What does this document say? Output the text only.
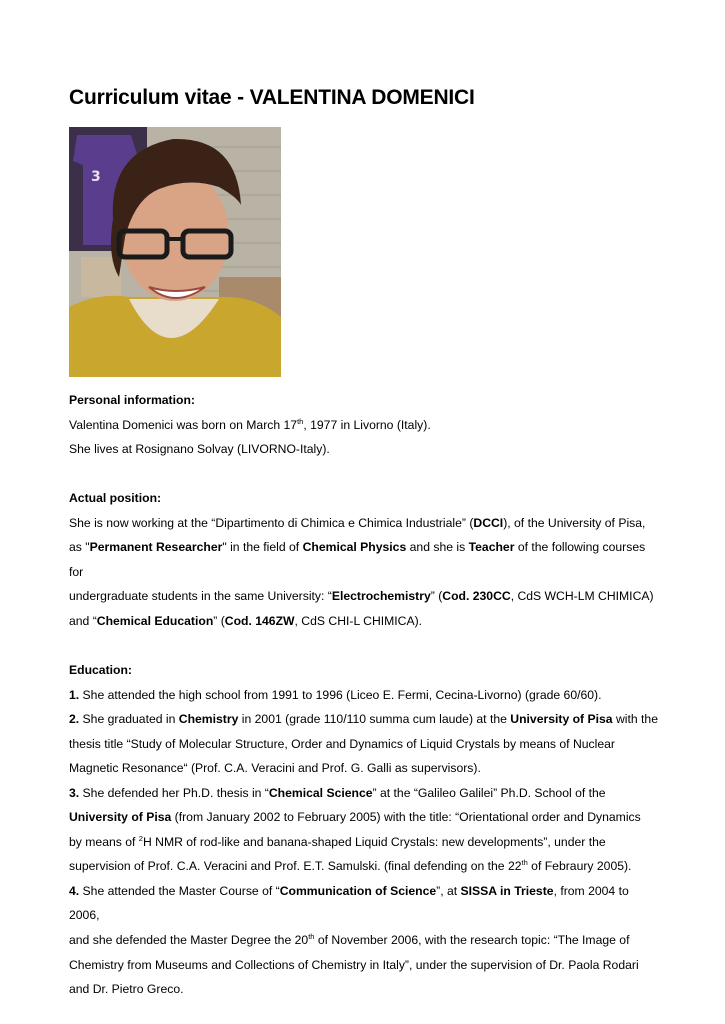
Curriculum vitae - VALENTINA DOMENICI
3

Personal information:

Valentina Domenici was born on March 17th, 1977 in Livorno (Italy).

She lives at Rosignano Solvay (LIVORNO-Italy).

Actual position:

She is now working at the “Dipartimento di Chimica e Chimica Industriale” (DCCI), of the University of Pisa,

as "Permanent Researcher" in the field of Chemical Physics and she is Teacher of the following courses for

undergraduate students in the same University: “Electrochemistry” (Cod. 230CC, CdS WCH-LM CHIMICA)

and “Chemical Education” (Cod. 146ZW, CdS CHI-L CHIMICA).

Education:

1. She attended the high school from 1991 to 1996 (Liceo E. Fermi, Cecina-Livorno) (grade 60/60).

2. She graduated in Chemistry in 2001 (grade 110/110 summa cum laude) at the University of Pisa with the

thesis title “Study of Molecular Structure, Order and Dynamics of Liquid Crystals by means of Nuclear

Magnetic Resonance“ (Prof. C.A. Veracini and Prof. G. Galli as supervisors).

3. She defended her Ph.D. thesis in “Chemical Science” at the “Galileo Galilei” Ph.D. School of the

University of Pisa (from January 2002 to February 2005) with the title: “Orientational order and Dynamics

by means of $^2$H NMR of rod-like and banana-shaped Liquid Crystals: new developments”, under the

supervision of Prof. C.A. Veracini and Prof. E.T. Samulski. (final defending on the 22th of Febraury 2005).

4. She attended the Master Course of “Communication of Science”, at SISSA in Trieste, from 2004 to 2006,

and she defended the Master Degree the 20th of November 2006, with the research topic: “The Image of

Chemistry from Museums and Collections of Chemistry in Italy”, under the supervision of Dr. Paola Rodari

and Dr. Pietro Greco.
